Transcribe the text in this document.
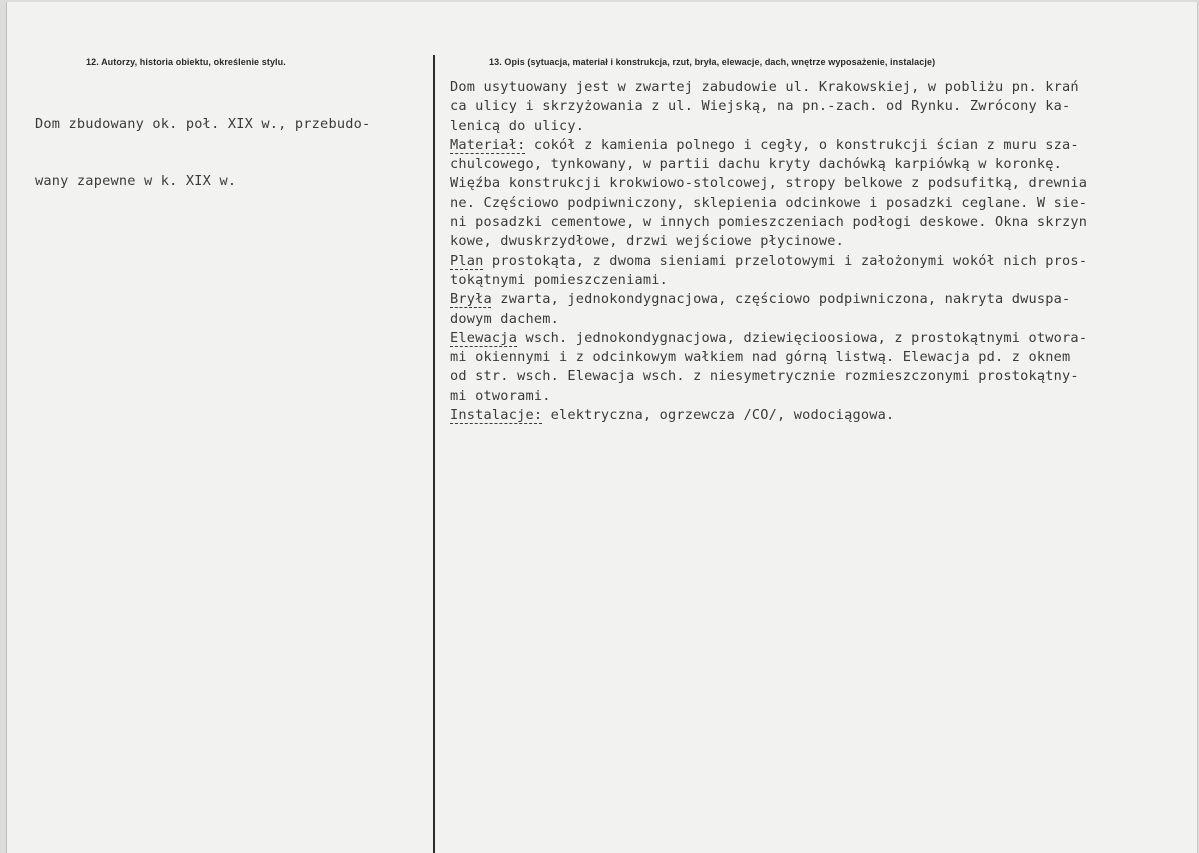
12. Autorzy, historia obiektu, określenie stylu.	13. Opis (sytuacja, materiał i konstrukcja, rzut, bryła, elewacje, dach, wnętrze wyposażenie, instalacje)

Dom zbudowany ok. poł. XIX w., przebudo-

wany zapewne w k. XIX w.

Dom usytuowany jest w zwartej zabudowie ul. Krakowskiej, w pobliżu pn. krań
ca ulicy i skrzyżowania z ul. Wiejską, na pn.-zach. od Rynku. Zwrócony ka-
lenicą do ulicy.
Materiał: cokół z kamienia polnego i cegły, o konstrukcji ścian z muru sza-
chulcowego, tynkowany, w partii dachu kryty dachówką karpiówką w koronkę.
Więźba konstrukcji krokwiowo-stolcowej, stropy belkowe z podsufitką, drewnia
ne. Częściowo podpiwniczony, sklepienia odcinkowe i posadzki ceglane. W sie-
ni posadzki cementowe, w innych pomieszczeniach podłogi deskowe. Okna skrzyn
kowe, dwuskrzydłowe, drzwi wejściowe płycinowe.
Plan prostokąta, z dwoma sieniami przelotowymi i założonymi wokół nich pros-
tokątnymi pomieszczeniami.
Bryła zwarta, jednokondygnacjowa, częściowo podpiwniczona, nakryta dwuspa-
dowym dachem.
Elewacja wsch. jednokondygnacjowa, dziewięcioosiowa, z prostokątnymi otwora-
mi okiennymi i z odcinkowym wałkiem nad górną listwą. Elewacja pd. z oknem
od str. wsch. Elewacja wsch. z niesymetrycznie rozmieszczonymi prostokątny-
mi otworami.
Instalacje: elektryczna, ogrzewcza /CO/, wodociągowa.
